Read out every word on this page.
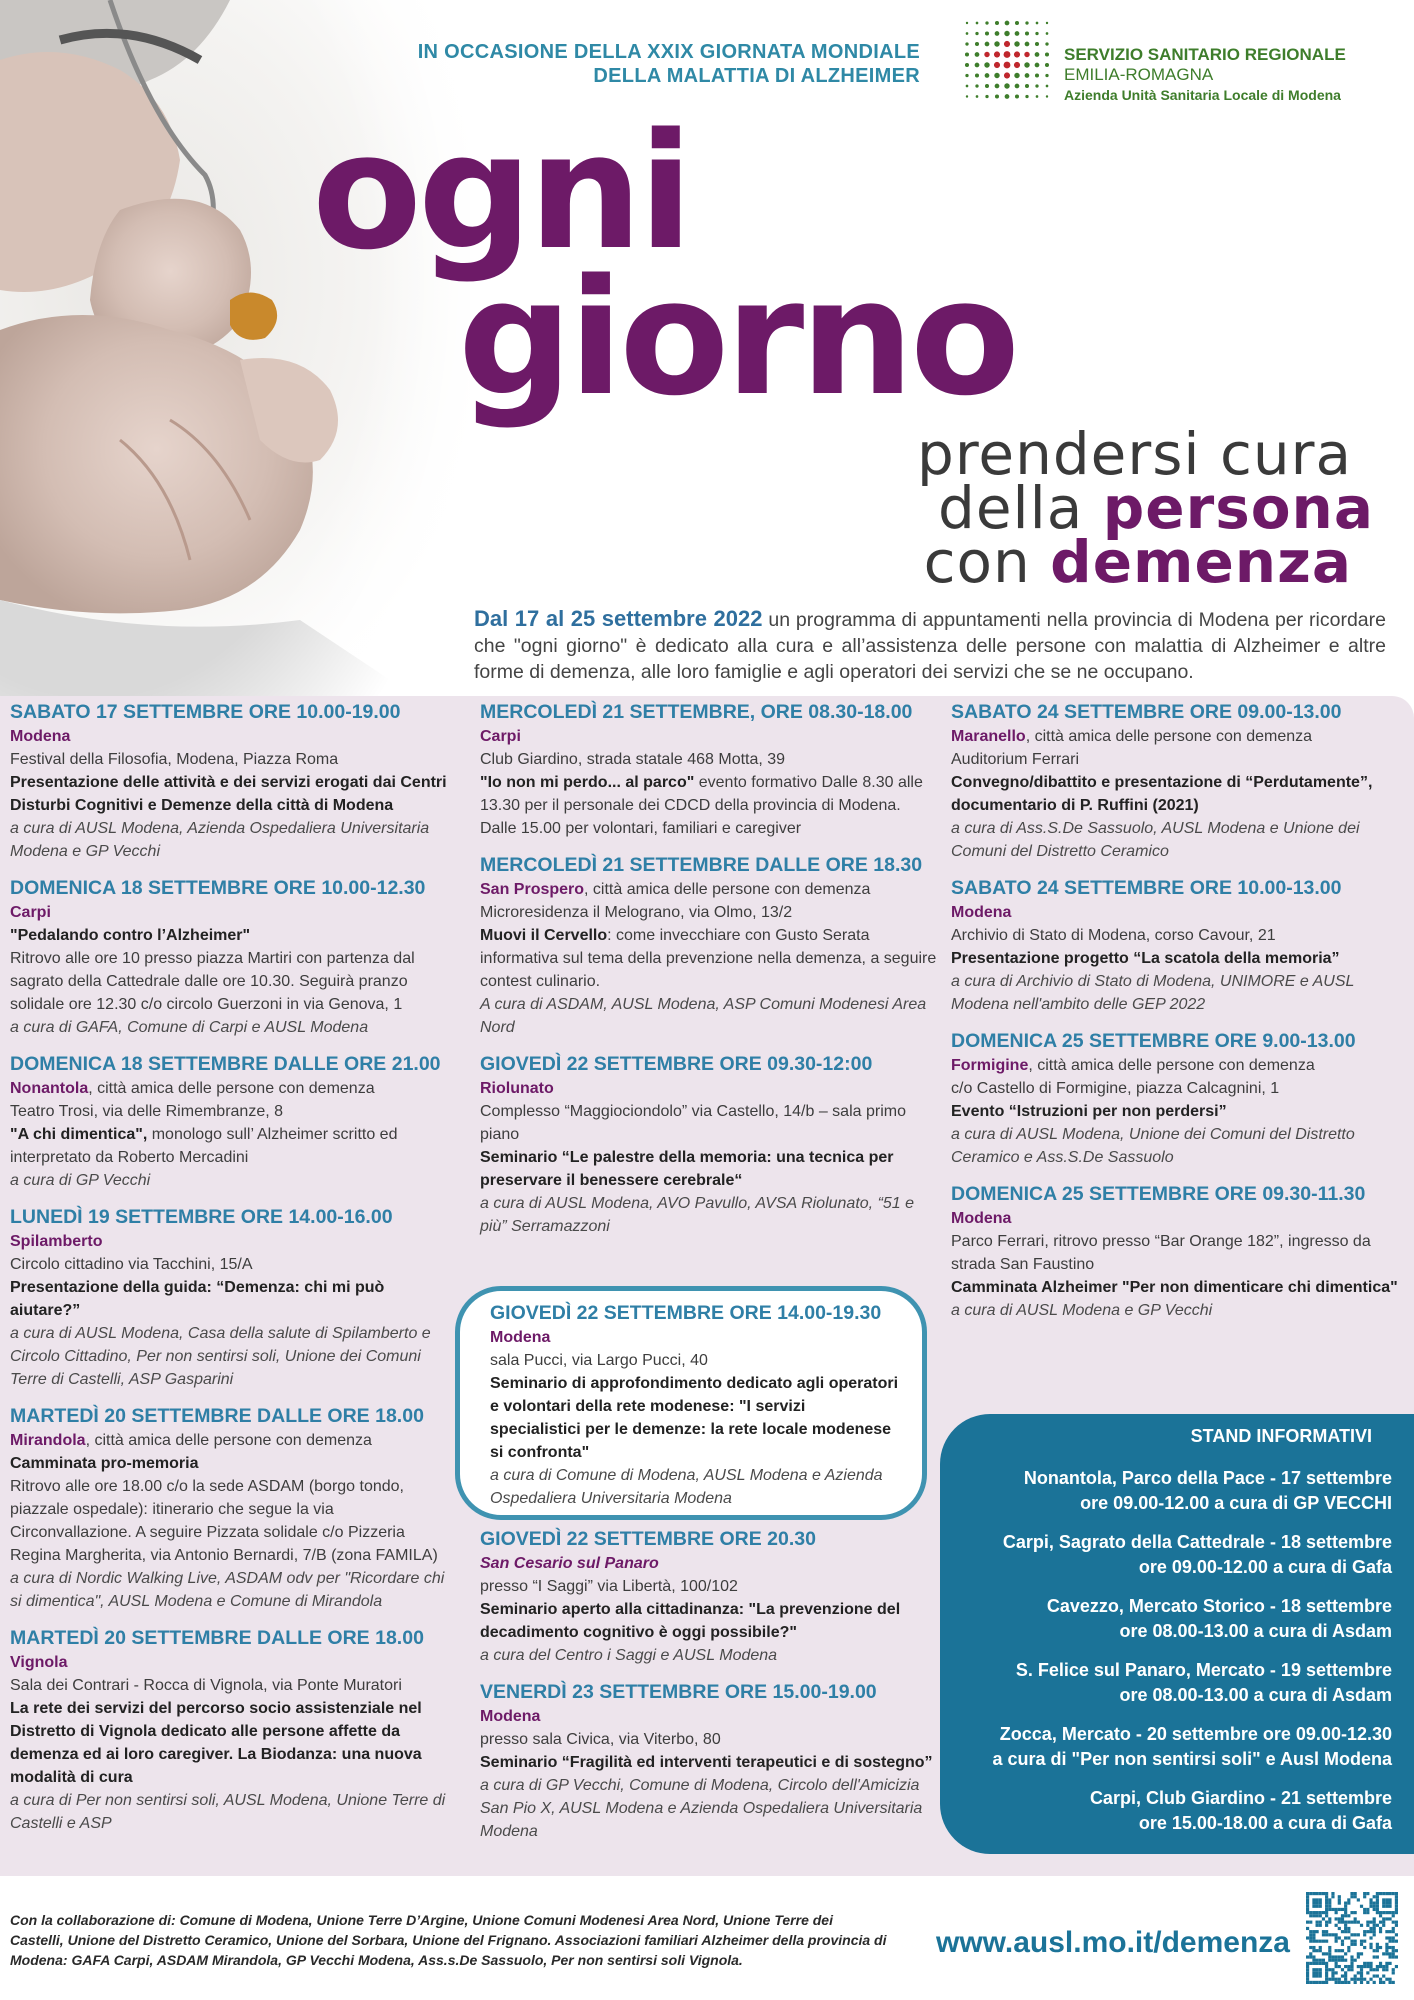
IN OCCASIONE DELLA XXIX GIORNATA MONDIALE
DELLA MALATTIA DI ALZHEIMER
SERVIZIO SANITARIO REGIONALE
EMILIA-ROMAGNA
Azienda Unità Sanitaria Locale di Modena
ogni
giorno
prendersi cura
della persona
con demenza
Dal 17 al 25 settembre 2022 un programma di appuntamenti nella provincia di Modena per ricordare che "ogni giorno" è dedicato alla cura e all’assistenza delle persone con malattia di Alzheimer e altre forme di demenza, alle loro famiglie e agli operatori dei servizi che se ne occupano.
SABATO 17 SETTEMBRE ORE 10.00-19.00
Modena
Festival della Filosofia, Modena, Piazza Roma
Presentazione delle attività e dei servizi erogati dai Centri Disturbi Cognitivi e Demenze della città di Modena
a cura di AUSL Modena, Azienda Ospedaliera Universitaria Modena e GP Vecchi
DOMENICA 18 SETTEMBRE ORE 10.00-12.30
Carpi
"Pedalando contro l’Alzheimer"
Ritrovo alle ore 10 presso piazza Martiri con partenza dal sagrato della Cattedrale dalle ore 10.30. Seguirà pranzo solidale ore 12.30 c/o circolo Guerzoni in via Genova, 1
a cura di GAFA, Comune di Carpi e AUSL Modena
DOMENICA 18 SETTEMBRE DALLE ORE 21.00
Nonantola, città amica delle persone con demenza
Teatro Trosi, via delle Rimembranze, 8
"A chi dimentica", monologo sull’ Alzheimer scritto ed interpretato da Roberto Mercadini
a cura di GP Vecchi
LUNEDÌ 19 SETTEMBRE ORE 14.00-16.00
Spilamberto
Circolo cittadino via Tacchini, 15/A
Presentazione della guida: “Demenza: chi mi può aiutare?”
a cura di AUSL Modena, Casa della salute di Spilamberto e Circolo Cittadino, Per non sentirsi soli, Unione dei Comuni Terre di Castelli, ASP Gasparini
MARTEDÌ 20 SETTEMBRE DALLE ORE 18.00
Mirandola, città amica delle persone con demenza
Camminata pro-memoria
Ritrovo alle ore 18.00 c/o la sede ASDAM (borgo tondo, piazzale ospedale): itinerario che segue la via Circonvallazione. A seguire Pizzata solidale c/o Pizzeria Regina Margherita, via Antonio Bernardi, 7/B (zona FAMILA)
a cura di Nordic Walking Live, ASDAM odv per "Ricordare chi si dimentica", AUSL Modena e Comune di Mirandola
MARTEDÌ 20 SETTEMBRE DALLE ORE 18.00
Vignola
Sala dei Contrari - Rocca di Vignola, via Ponte Muratori
La rete dei servizi del percorso socio assistenziale nel Distretto di Vignola dedicato alle persone affette da demenza ed ai loro caregiver. La Biodanza: una nuova modalità di cura
a cura di Per non sentirsi soli, AUSL Modena, Unione Terre di Castelli e ASP
MERCOLEDÌ 21 SETTEMBRE, ORE 08.30-18.00
Carpi
Club Giardino, strada statale 468 Motta, 39
"Io non mi perdo... al parco" evento formativo Dalle 8.30 alle 13.30 per il personale dei CDCD della provincia di Modena. Dalle 15.00 per volontari, familiari e caregiver
MERCOLEDÌ 21 SETTEMBRE DALLE ORE 18.30
San Prospero, città amica delle persone con demenza
Microresidenza il Melograno, via Olmo, 13/2
Muovi il Cervello: come invecchiare con Gusto Serata informativa sul tema della prevenzione nella demenza, a seguire contest culinario.
A cura di ASDAM, AUSL Modena, ASP Comuni Modenesi Area Nord
GIOVEDÌ 22 SETTEMBRE ORE 09.30-12:00
Riolunato
Complesso “Maggiociondolo” via Castello, 14/b – sala primo piano
Seminario “Le palestre della memoria: una tecnica per preservare il benessere cerebrale“
a cura di AUSL Modena, AVO Pavullo, AVSA Riolunato, “51 e più” Serramazzoni
GIOVEDÌ 22 SETTEMBRE ORE 14.00-19.30
Modena
sala Pucci, via Largo Pucci, 40
Seminario di approfondimento dedicato agli operatori e volontari della rete modenese: "I servizi specialistici per le demenze: la rete locale modenese si confronta"
a cura di Comune di Modena, AUSL Modena e Azienda Ospedaliera Universitaria Modena
GIOVEDÌ 22 SETTEMBRE ORE 20.30
San Cesario sul Panaro
presso “I Saggi” via Libertà, 100/102
Seminario aperto alla cittadinanza: "La prevenzione del decadimento cognitivo è oggi possibile?"
a cura del Centro i Saggi e AUSL Modena
VENERDÌ 23 SETTEMBRE ORE 15.00-19.00
Modena
presso sala Civica, via Viterbo, 80
Seminario “Fragilità ed interventi terapeutici e di sostegno”
a cura di GP Vecchi, Comune di Modena, Circolo dell'Amicizia San Pio X, AUSL Modena e Azienda Ospedaliera Universitaria Modena
SABATO 24 SETTEMBRE ORE 09.00-13.00
Maranello, città amica delle persone con demenza
Auditorium Ferrari
Convegno/dibattito e presentazione di “Perdutamente”, documentario di P. Ruffini (2021)
a cura di Ass.S.De Sassuolo, AUSL Modena e Unione dei Comuni del Distretto Ceramico
SABATO 24 SETTEMBRE ORE 10.00-13.00
Modena
Archivio di Stato di Modena, corso Cavour, 21
Presentazione progetto “La scatola della memoria”
a cura di Archivio di Stato di Modena, UNIMORE e AUSL Modena nell'ambito delle GEP 2022
DOMENICA 25 SETTEMBRE ORE 9.00-13.00
Formigine, città amica delle persone con demenza
c/o Castello di Formigine, piazza Calcagnini, 1
Evento “Istruzioni per non perdersi”
a cura di AUSL Modena, Unione dei Comuni del Distretto Ceramico e Ass.S.De Sassuolo
DOMENICA 25 SETTEMBRE ORE 09.30-11.30
Modena
Parco Ferrari, ritrovo presso “Bar Orange 182”, ingresso da strada San Faustino
Camminata Alzheimer "Per non dimenticare chi dimentica"
a cura di AUSL Modena e GP Vecchi
STAND INFORMATIVI
Nonantola, Parco della Pace - 17 settembre
ore 09.00-12.00 a cura di GP VECCHI
Carpi, Sagrato della Cattedrale - 18 settembre
ore 09.00-12.00 a cura di Gafa
Cavezzo, Mercato Storico - 18 settembre
ore 08.00-13.00 a cura di Asdam
S. Felice sul Panaro, Mercato - 19 settembre
ore 08.00-13.00 a cura di Asdam
Zocca, Mercato - 20 settembre ore 09.00-12.30
a cura di "Per non sentirsi soli" e Ausl Modena
Carpi, Club Giardino - 21 settembre
ore 15.00-18.00 a cura di Gafa
Con la collaborazione di: Comune di Modena, Unione Terre D’Argine, Unione Comuni Modenesi Area Nord, Unione Terre dei Castelli, Unione del Distretto Ceramico, Unione del Sorbara, Unione del Frignano. Associazioni familiari Alzheimer della provincia di Modena: GAFA Carpi, ASDAM Mirandola, GP Vecchi Modena, Ass.s.De Sassuolo, Per non sentirsi soli Vignola.
www.ausl.mo.it/demenza
